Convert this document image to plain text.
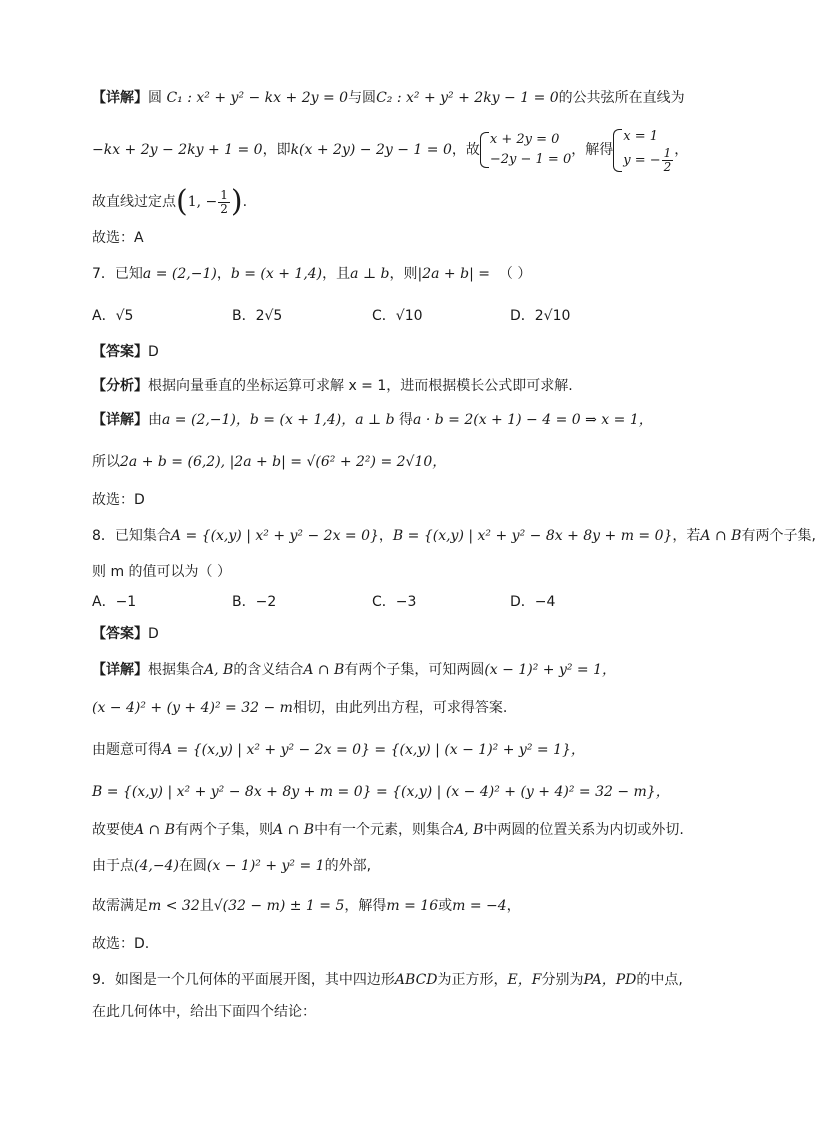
【详解】圆 C₁ : x² + y² − kx + 2y = 0与圆C₂ : x² + y² + 2ky − 1 = 0的公共弦所在直线为
−kx + 2y − 2ky + 1 = 0 ，即 k(x + 2y) − 2y − 1 = 0 ，故
x + 2y = 0
−2y − 1 = 0
，解得
x = 1
y = − $\frac{1}{2}$ ，
故直线过定点 ( 1, − $\frac{1}{2}$ ) .
故选：A
7．已知a = (2,−1)，b = (x + 1,4)，且a ⊥ b，则|2a + b| = （ ）
A．√5	B．2√5	C．√10	D．2√10
【答案】D
【分析】根据向量垂直的坐标运算可求解 x = 1，进而根据模长公式即可求解.
【详解】由a = (2,−1)，b = (x + 1,4)，a ⊥ b 得a · b = 2(x + 1) − 4 = 0 ⇒ x = 1，
所以2a + b = (6,2), |2a + b| = √(6² + 2²) = 2√10，
故选：D
8．已知集合A = {(x,y) | x² + y² − 2x = 0}，B = {(x,y) | x² + y² − 8x + 8y + m = 0}，若A ∩ B有两个子集,
则 m 的值可以为（ ）
A．−1	B．−2	C．−3	D．−4
【答案】D
【详解】根据集合A, B的含义结合A ∩ B有两个子集，可知两圆(x − 1)² + y² = 1，
(x − 4)² + (y + 4)² = 32 − m相切，由此列出方程，可求得答案.
由题意可得A = {(x,y) | x² + y² − 2x = 0} = {(x,y) | (x − 1)² + y² = 1}，
B = {(x,y) | x² + y² − 8x + 8y + m = 0} = {(x,y) | (x − 4)² + (y + 4)² = 32 − m}，
故要使A ∩ B有两个子集，则A ∩ B中有一个元素，则集合A, B中两圆的位置关系为内切或外切.
由于点(4,−4)在圆(x − 1)² + y² = 1的外部,
故需满足m < 32且√(32 − m) ± 1 = 5，解得m = 16或m = −4，
故选：D.
9．如图是一个几何体的平面展开图，其中四边形ABCD为正方形，E，F分别为PA，PD的中点,
在此几何体中，给出下面四个结论：
